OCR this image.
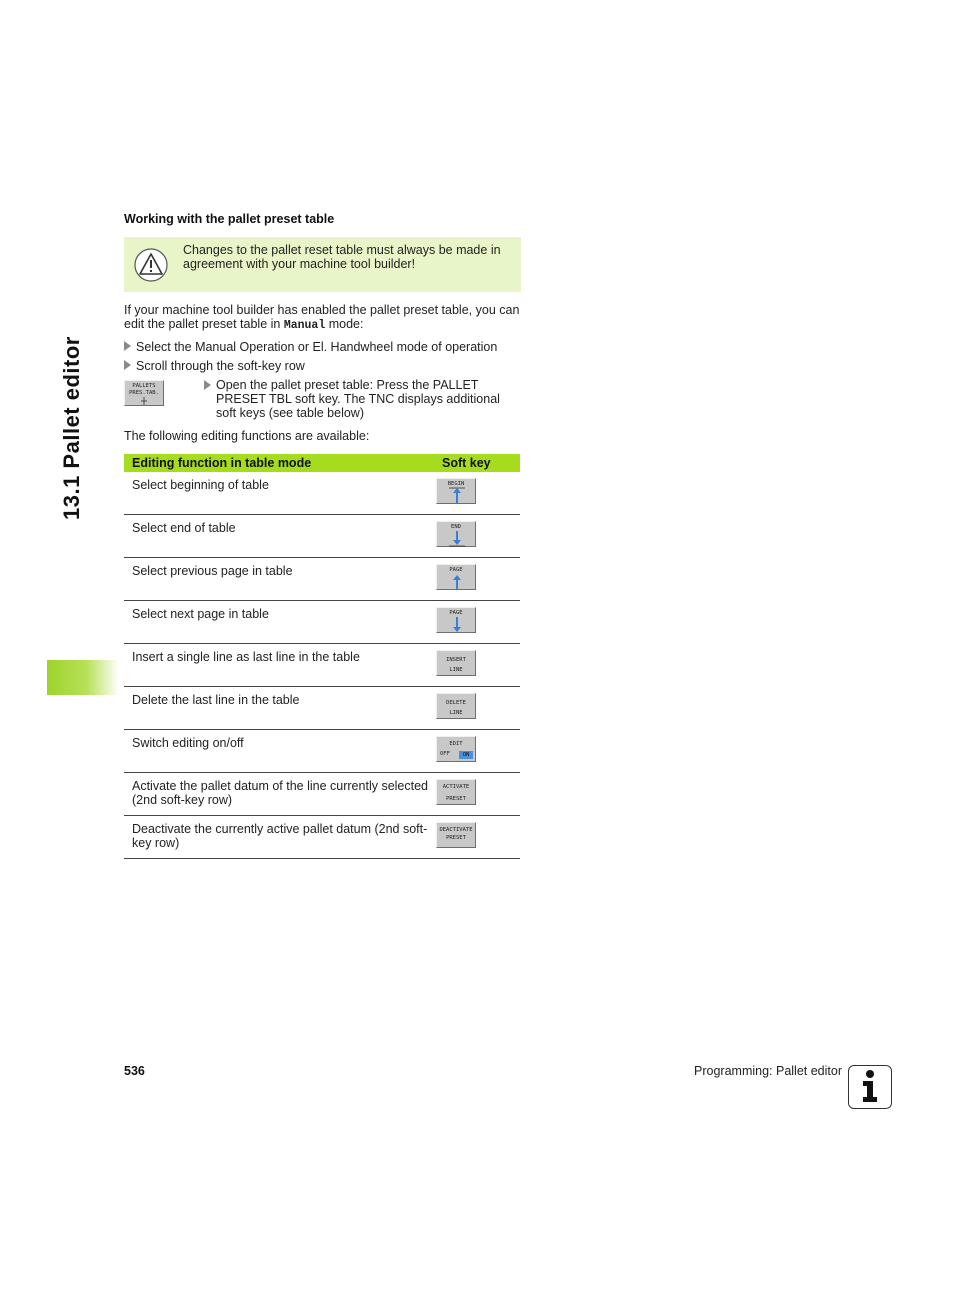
13.1 Pallet editor
Working with the pallet preset table
Changes to the pallet reset table must always be made in agreement with your machine tool builder!
If your machine tool builder has enabled the pallet preset table, you can edit the pallet preset table in Manual mode:
Select the Manual Operation or El. Handwheel mode of operation
Scroll through the soft-key row
PALLETS
PRES.TAB.
Open the pallet preset table: Press the PALLET PRESET TBL soft key. The TNC displays additional soft keys (see table below)
The following editing functions are available:
Editing function in table mode	Soft key
Select beginning of table	BEGIN

Select end of table	END

Select previous page in table	PAGE

Select next page in table	PAGE

Insert a single line as last line in the table	INSERT
LINE

Delete the last line in the table	DELETE
LINE

Switch editing on/off	EDIT
OFF ON

Activate the pallet datum of the line currently selected (2nd soft-key row)	ACTIVATE
PRESET

Deactivate the currently active pallet datum (2nd soft-key row)	DEACTIVATE
PRESET
536	Programming: Pallet editor
